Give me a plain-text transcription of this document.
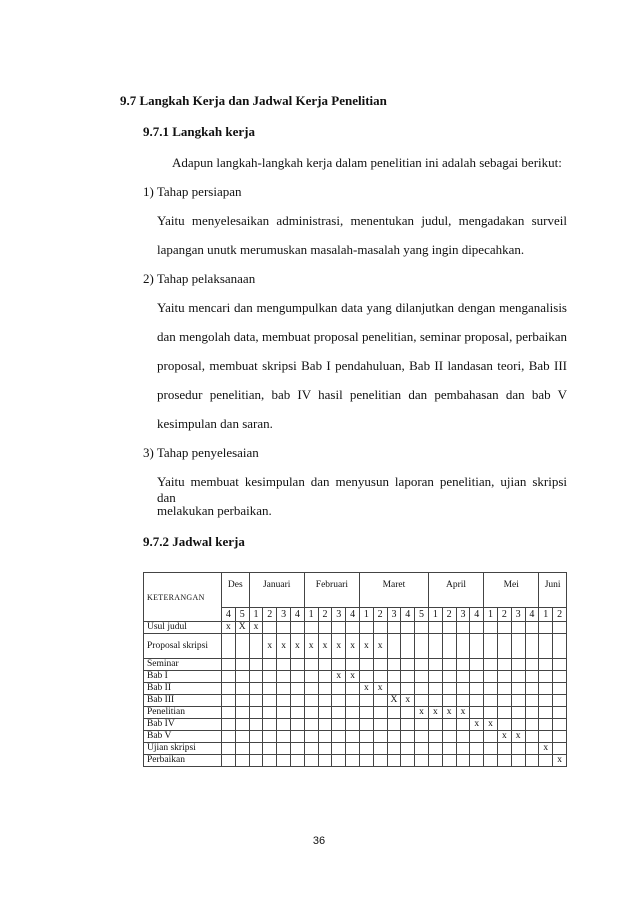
9.7 Langkah Kerja dan Jadwal Kerja Penelitian
9.7.1 Langkah kerja
Adapun langkah-langkah kerja dalam penelitian ini adalah sebagai berikut:
1) Tahap persiapan
Yaitu menyelesaikan administrasi, menentukan judul, mengadakan surveil
lapangan unutk merumuskan masalah-masalah yang ingin dipecahkan.
2) Tahap pelaksanaan
Yaitu mencari dan mengumpulkan data yang dilanjutkan dengan menganalisis
dan mengolah data, membuat proposal penelitian, seminar proposal, perbaikan
proposal, membuat skripsi Bab I pendahuluan, Bab II landasan teori, Bab III
prosedur penelitian, bab IV hasil penelitian dan pembahasan dan bab V
kesimpulan dan saran.
3) Tahap penyelesaian
Yaitu membuat kesimpulan dan menyusun laporan penelitian, ujian skripsi dan
melakukan perbaikan.
9.7.2 Jadwal kerja
KETERANGAN	Des		Januari				Februari				Maret					April				Mei				Juni	
	4	5	1	2	3	4	1	2	3	4	1	2	3	4	5	1	2	3	4	1	2	3	4	1	2
Usul judul	x	X	x																						
Proposal skripsi				x	x	x	x	x	x	x	x	x													
Seminar																									
Bab I									x	x															
Bab II											x	x													
Bab III													X	x											
Penelitian															x	x	x	x							
Bab IV																			x	x					
Bab V																					x	x			
Ujian skripsi																								x	
Perbaikan																									x
36
